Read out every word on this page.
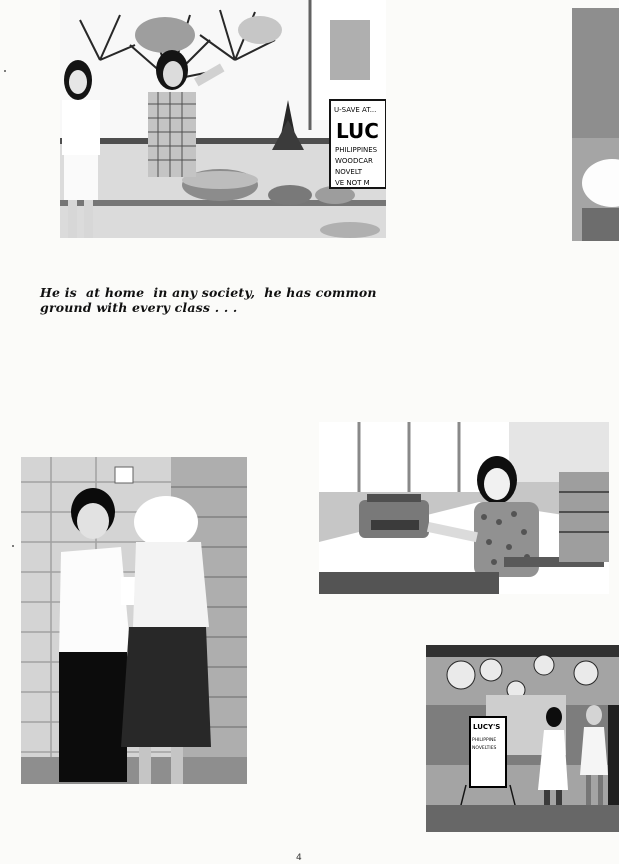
U-SAVE AT...
LUC
PHILIPPINES
WOODCAR
NOVELT
VE NOT M
He is  at home  in any society,  he has common
ground with every class . . .
LUCY'S
PHILIPPINE
NOVELTIES
4
